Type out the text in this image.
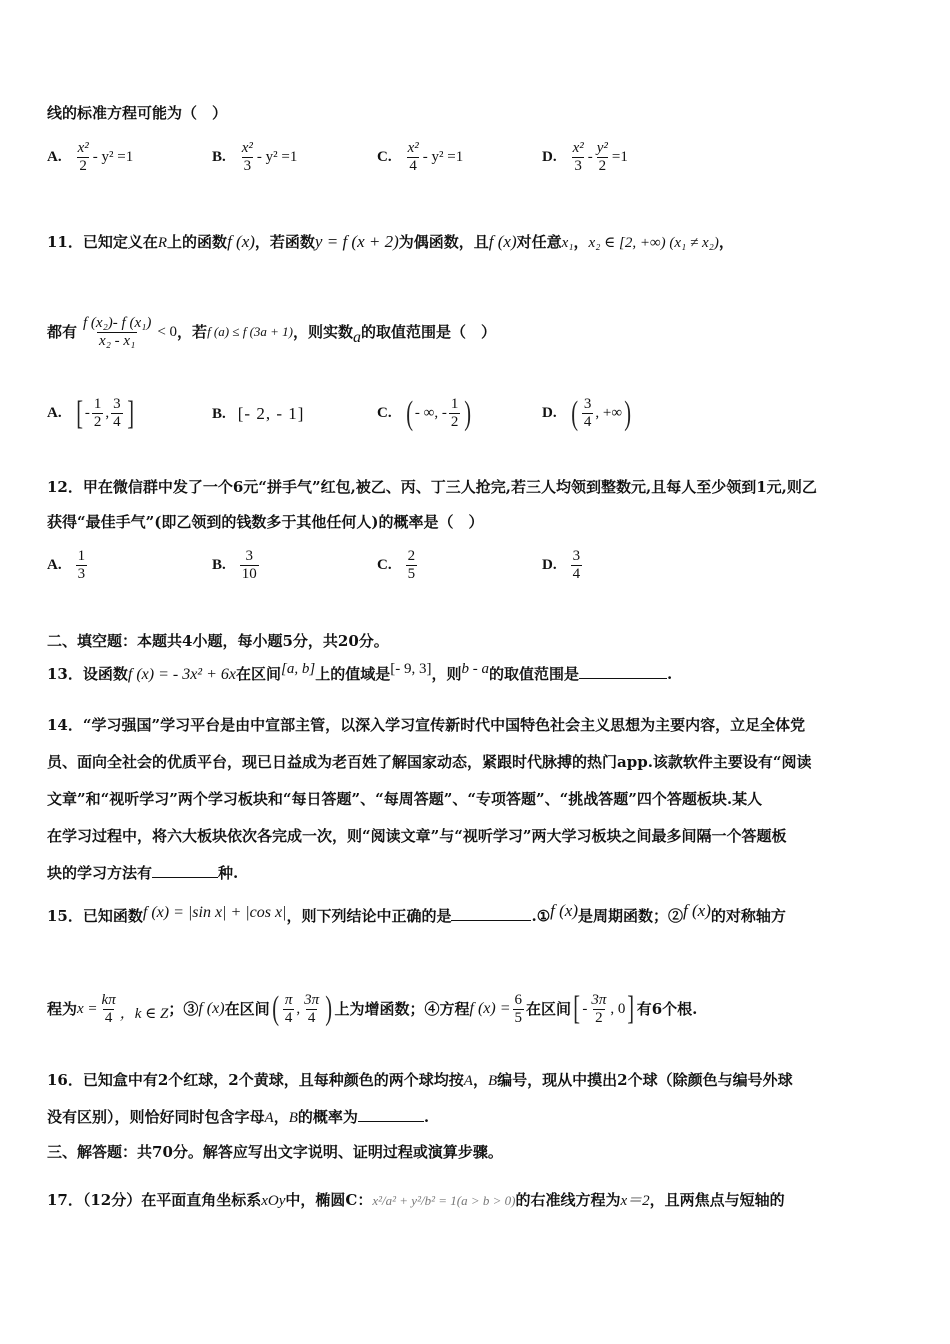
线的标准方程可能为（　）
A. $\frac{\text{x²}}{2} - y^2 =1$	B. $\frac{\text{x²}}{3} - y^2 =1$	C. $\frac{\text{x²}}{4} - y^2 =1$	D. $\frac{\text{x²}}{3} - \frac{\text{y²}}{2} =1$
11．已知定义在R上的函数f (x)，若函数y = f (x + 2)为偶函数，且f (x)对任意x₁，x₂ ∈ [2, +∞) (x₁ ≠ x₂)，
都有 $\frac{\text{f (x₂)- f (x₁)}}{\text{x₂ - x₁}} < 0$ ，若 f (a) ≤ f (3a + 1) ，则实数 a 的取值范围是（　）
A. [ - $\frac{1}{2}$ , $\frac{3}{4}$ ]	B. [- 2, - 1]	C. ( - ∞, - $\frac{1}{2}$ )	D. ( $\frac{3}{4}$ , +∞ )
12．甲在微信群中发了一个6元“拼手气”红包,被乙、丙、丁三人抢完,若三人均领到整数元,且每人至少领到1元,则乙
获得“最佳手气”(即乙领到的钱数多于其他任何人)的概率是（　）
A. $\frac{1}{3}$	B. $\frac{3}{10}$	C. $\frac{2}{5}$	D. $\frac{3}{4}$
二、填空题：本题共4小题，每小题5分，共20分。
13．设函数f (x) = - 3x² + 6x在区间[a, b]上的值域是[- 9, 3]，则b - a的取值范围是	.
14．“学习强国”学习平台是由中宣部主管，以深入学习宣传新时代中国特色社会主义思想为主要内容，立足全体党
员、面向全社会的优质平台，现已日益成为老百姓了解国家动态，紧跟时代脉搏的热门app.该款软件主要设有“阅读
文章”和“视听学习”两个学习板块和“每日答题”、“每周答题”、“专项答题”、“挑战答题”四个答题板块.某人
在学习过程中，将六大板块依次各完成一次，则“阅读文章”与“视听学习”两大学习板块之间最多间隔一个答题板
块的学习方法有	种.
15．已知函数f (x) = |sin x| + |cos x|，则下列结论中正确的是	.①f (x)是周期函数；②f (x)的对称轴方
程为 $x = \frac{k\pi}{4}$ ，k ∈ Z ；③ f (x) 在区间 ( $\frac{\pi}{4}$ , $\frac{3\pi}{4}$ ) 上为增函数；④方程 f $(x) = \frac{6}{5}$ 在区间 [ - $\frac{3\pi}{2}$ , 0 ] 有6个根.
16．已知盒中有2个红球，2个黄球，且每种颜色的两个球均按A，B编号，现从中摸出2个球（除颜色与编号外球
没有区别），则恰好同时包含字母A，B的概率为	.
三、解答题：共70分。解答应写出文字说明、证明过程或演算步骤。
17．（12分）在平面直角坐标系xOy中，椭圆C：x²/a² + y²/b² = 1(a > b > 0)的右准线方程为x＝2，且两焦点与短轴的
